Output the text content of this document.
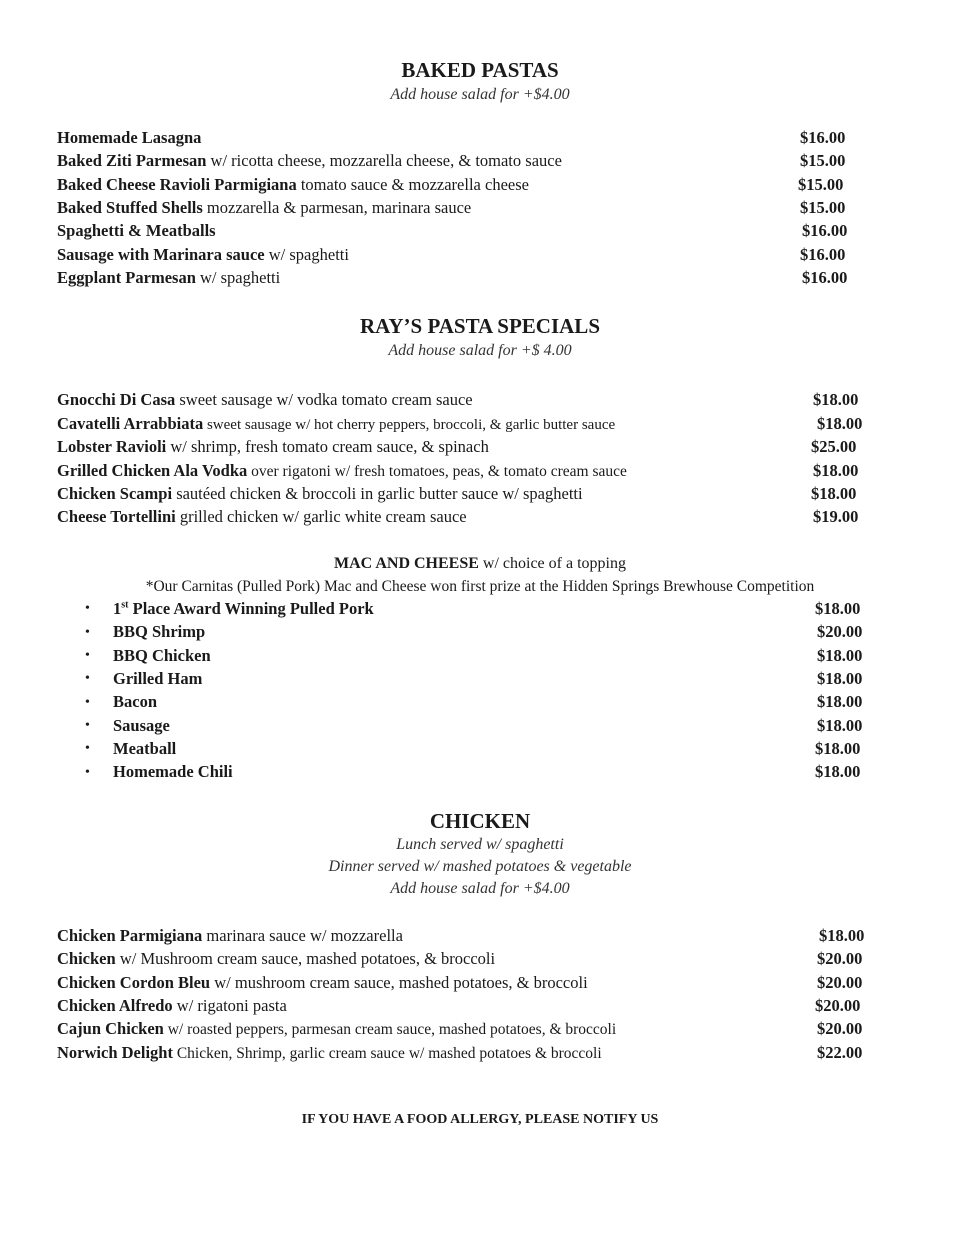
BAKED PASTAS
Add house salad for +$4.00
Homemade Lasagna	$16.00
Baked Ziti Parmesan w/ ricotta cheese, mozzarella cheese, & tomato sauce	$15.00
Baked Cheese Ravioli Parmigiana tomato sauce & mozzarella cheese	$15.00
Baked Stuffed Shells mozzarella & parmesan, marinara sauce	$15.00
Spaghetti & Meatballs	$16.00
Sausage with Marinara sauce w/ spaghetti	$16.00
Eggplant Parmesan w/ spaghetti	$16.00
RAY’S PASTA SPECIALS
Add house salad for +$ 4.00
Gnocchi Di Casa sweet sausage w/ vodka tomato cream sauce	$18.00
Cavatelli Arrabbiata sweet sausage w/ hot cherry peppers, broccoli, & garlic butter sauce	$18.00
Lobster Ravioli w/ shrimp, fresh tomato cream sauce, & spinach	$25.00
Grilled Chicken Ala Vodka over rigatoni w/ fresh tomatoes, peas, & tomato cream sauce	$18.00
Chicken Scampi sautéed chicken & broccoli in garlic butter sauce w/ spaghetti	$18.00
Cheese Tortellini grilled chicken w/ garlic white cream sauce	$19.00
MAC AND CHEESE w/ choice of a topping
*Our Carnitas (Pulled Pork) Mac and Cheese won first prize at the Hidden Springs Brewhouse Competition
• 1st Place Award Winning Pulled Pork	$18.00
• BBQ Shrimp	$20.00
• BBQ Chicken	$18.00
• Grilled Ham	$18.00
• Bacon	$18.00
• Sausage	$18.00
• Meatball	$18.00
• Homemade Chili	$18.00
CHICKEN
Lunch served w/ spaghetti
Dinner served w/ mashed potatoes & vegetable
Add house salad for +$4.00
Chicken Parmigiana marinara sauce w/ mozzarella	$18.00
Chicken w/ Mushroom cream sauce, mashed potatoes, & broccoli	$20.00
Chicken Cordon Bleu w/ mushroom cream sauce, mashed potatoes, & broccoli	$20.00
Chicken Alfredo w/ rigatoni pasta	$20.00
Cajun Chicken w/ roasted peppers, parmesan cream sauce, mashed potatoes, & broccoli	$20.00
Norwich Delight Chicken, Shrimp, garlic cream sauce w/ mashed potatoes & broccoli	$22.00
IF YOU HAVE A FOOD ALLERGY, PLEASE NOTIFY US
